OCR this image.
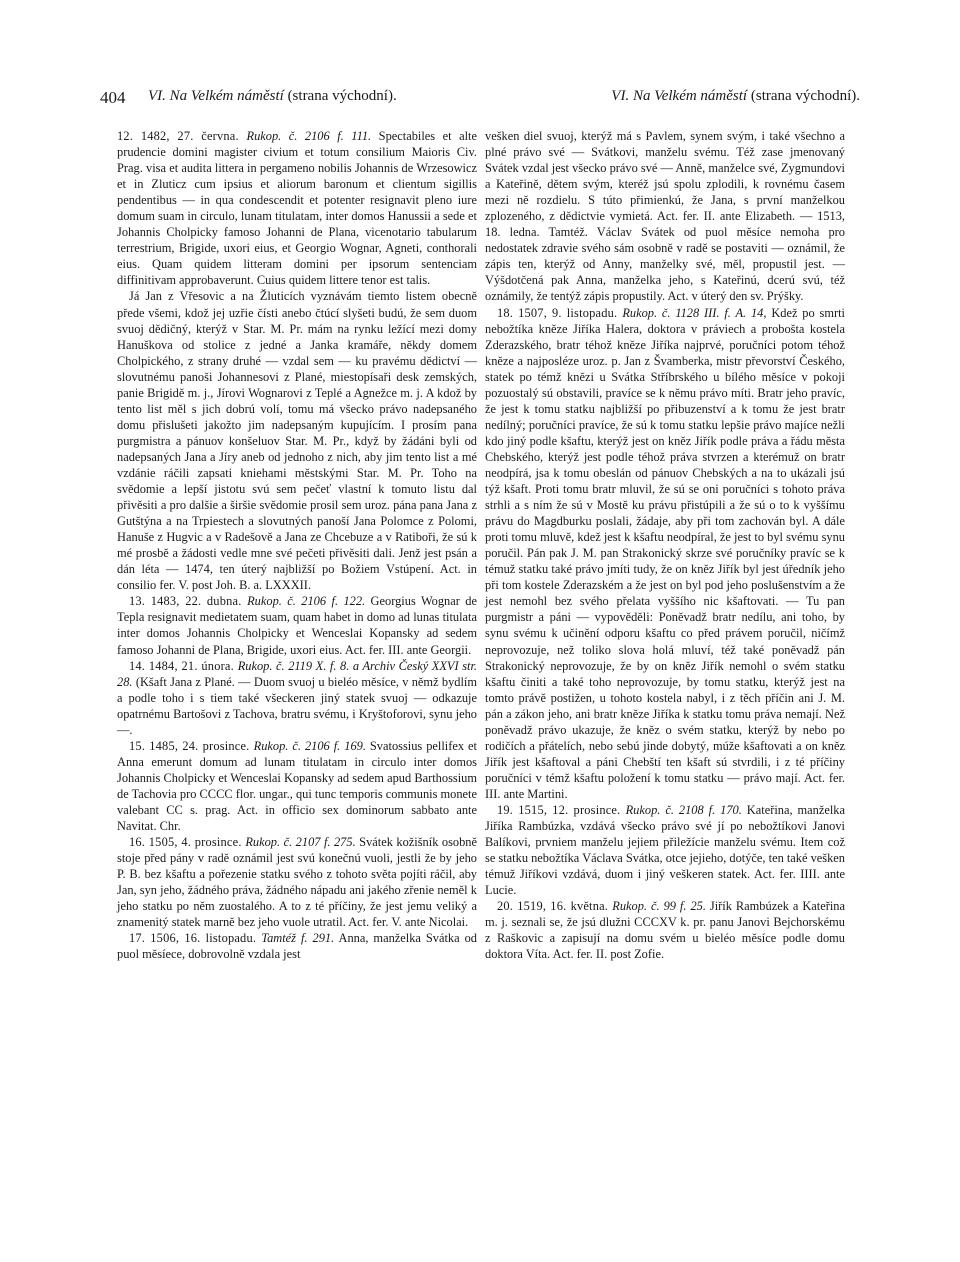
404 VI. Na Velkém náměstí (strana východní).	VI. Na Velkém náměstí (strana východní).

12. 1482, 27. června. Rukop. č. 2106 f. 111. Spectabiles et alte prudencie domini magister civium et totum consilium Maioris Civ. Prag. visa et audita littera in pergameno nobilis Johannis de Wrzesowicz et in Zluticz cum ipsius et aliorum baronum et clientum sigillis pendentibus — in qua condescendit et potenter resignavit pleno iure domum suam in circulo, lunam titulatam, inter domos Hanussii a sede et Johannis Cholpicky famoso Johanni de Plana, vicenotario tabularum terrestrium, Brigide, uxori eius, et Georgio Wognar, Agneti, conthorali eius. Quam quidem litteram domini per ipsorum sentenciam diffinitivam approbaverunt. Cuius quidem littere tenor est talis.

Já Jan z Vřesovic a na Žluticích vyznávám tiemto listem obecně přede všemi, kdož jej uzřie čísti anebo čtúcí slyšeti budú, že sem duom svuoj dědičný, kterýž v Star. M. Pr. mám na rynku ležící mezi domy Hanuškova od stolice z jedné a Janka kramáře, někdy domem Cholpického, z strany druhé — vzdal sem — ku pravému dědictví — slovutnému panoši Johannesovi z Plané, miestopísaři desk zemských, panie Brigidě m. j., Jírovi Wognarovi z Teplé a Agnežce m. j. A kdož by tento list měl s jich dobrú volí, tomu má všecko právo nadepsaného domu přislušeti jakožto jim nadepsaným kupujícím. I prosím pana purgmistra a pánuov konšeluov Star. M. Pr., když by žádáni byli od nadepsaných Jana a Jíry aneb od jednoho z nich, aby jim tento list a mé vzdánie ráčili zapsati kniehami městskými Star. M. Pr. Toho na svědomie a lepší jistotu svú sem pečeť vlastní k tomuto listu dal přivěsiti a pro dalšie a širšie svědomie prosil sem uroz. pána pana Jana z Gutštýna a na Trpiestech a slovutných panoší Jana Polomce z Polomi, Hanuše z Hugvic a v Radešově a Jana ze Chcebuze a v Ratiboři, že sú k mé prosbě a žádosti vedle mne své pečeti přivěsiti dali. Jenž jest psán a dán léta — 1474, ten úterý najbližší po Božiem Vstúpení. Act. in consilio fer. V. post Joh. B. a. LXXXII.

13. 1483, 22. dubna. Rukop. č. 2106 f. 122. Georgius Wognar de Tepla resignavit medietatem suam, quam habet in domo ad lunas titulata inter domos Johannis Cholpicky et Wenceslai Kopansky ad sedem famoso Johanni de Plana, Brigide, uxori eius. Act. fer. III. ante Georgii.

14. 1484, 21. února. Rukop. č. 2119 X. f. 8. a Archiv Český XXVI str. 28. (Kšaft Jana z Plané. — Duom svuoj u bieléo měsíce, v němž bydlím a podle toho i s tiem také všeckeren jiný statek svuoj — odkazuje opatrnému Bartošovi z Tachova, bratru svému, i Kryštoforovi, synu jeho —.

15. 1485, 24. prosince. Rukop. č. 2106 f. 169. Svatossius pellifex et Anna emerunt domum ad lunam titulatam in circulo inter domos Johannis Cholpicky et Wenceslai Kopansky ad sedem apud Barthossium de Tachovia pro CCCC flor. ungar., qui tunc temporis communis monete valebant CC s. prag. Act. in officio sex dominorum sabbato ante Navitat. Chr.

16. 1505, 4. prosince. Rukop. č. 2107 f. 275. Svátek kožišník osobně stoje před pány v radě oznámil jest svú konečnú vuoli, jestli že by jeho P. B. bez kšaftu a pořezenie statku svého z tohoto světa pojíti ráčil, aby Jan, syn jeho, žádného práva, žádného nápadu ani jakého zřenie neměl k jeho statku po něm zuostalého. A to z té příčiny, že jest jemu veliký a znamenitý statek marně bez jeho vuole utratil. Act. fer. V. ante Nicolai.

17. 1506, 16. listopadu. Tamtéž f. 291. Anna, manželka Svátka od puol měsíece, dobrovolně vzdala jest

vešken diel svuoj, kterýž má s Pavlem, synem svým, i také všechno a plné právo své — Svátkovi, manželu svému. Též zase jmenovaný Svátek vzdal jest všecko právo své — Anně, manželce své, Zygmundovi a Kateřině, dětem svým, kteréž jsú spolu zplodili, k rovnému časem mezi ně rozdielu. S túto přimienkú, že Jana, s první manželkou zplozeného, z dědictvie vymietá. Act. fer. II. ante Elizabeth. — 1513, 18. ledna. Tamtéž. Václav Svátek od puol měsíce nemoha pro nedostatek zdravie svého sám osobně v radě se postaviti — oznámil, že zápis ten, kterýž od Anny, manželky své, měl, propustil jest. — Výšdotčená pak Anna, manželka jeho, s Kateřinú, dcerú svú, též oznámily, že tentýž zápis propustily. Act. v úterý den sv. Prýšky.

18. 1507, 9. listopadu. Rukop. č. 1128 III. f. A. 14, Kdež po smrti nebožtíka kněze Jiříka Halera, doktora v práviech a probošta kostela Zderazského, bratr téhož kněze Jiříka najprvé, poručníci potom téhož kněze a najposlézе uroz. p. Jan z Švamberka, mistr převorství Českého, statek po témž knězi u Svátka Stříbrského u bílého měsíce v pokoji pozuostalý sú obstavili, pravíce se k němu právo míti. Bratr jeho pravíc, že jest k tomu statku najbližší po přibuzenství a k tomu že jest bratr nedílný; poručníci pravíce, že sú k tomu statku lepšie právo majíce nežli kdo jiný podle kšaftu, kterýž jest on kněz Jiřík podle práva a řádu města Chebského, kterýž jest podle téhož práva stvrzen a kterémuž on bratr neodpírá, jsa k tomu obeslán od pánuov Chebských a na to ukázali jsú týž kšaft. Proti tomu bratr mluvil, že sú se oni poručníci s tohoto práva strhli a s ním že sú v Mostě ku právu přistúpili a že sú o to k vyššímu právu do Magdburku poslali, žádaje, aby při tom zachován byl. A dále proti tomu mluvě, kdež jest k kšaftu neodpíral, že jest to byl svému synu poručil. Pán pak J. M. pan Strakonický skrze své poručníky pravíc se k témuž statku také právo jmíti tudy, že on kněz Jiřík byl jest úředník jeho při tom kostele Zderazském a že jest on byl pod jeho poslušenstvím a že jest nemohl bez svého přelata vyššího nic kšaftovati. — Tu pan purgmistr a páni — vypověděli: Poněvadž bratr nedílu, ani toho, by synu svému k učinění odporu kšaftu co před právem poručil, ničímž neprovozuje, než toliko slova holá mluví, též také poněvadž pán Strakonický neprovozuje, že by on kněz Jiřík nemohl o svém statku kšaftu činiti a také toho neprovozuje, by tomu statku, kterýž jest na tomto právě postižen, u tohoto kostela nabyl, i z těch příčin ani J. M. pán a zákon jeho, ani bratr kněze Jiříka k statku tomu práva nemají. Než poněvadž právo ukazuje, že kněz o svém statku, kterýž by nebo po rodičích a přátelích, nebo sebú jinde dobytý, múže kšaftovati a on kněz Jiřík jest kšaftoval a páni Chebští ten kšaft sú stvrdili, i z té příčiny poručníci v témž kšaftu položení k tomu statku — právo mají. Act. fer. III. ante Martini.

19. 1515, 12. prosince. Rukop. č. 2108 f. 170. Kateřina, manželka Jiříka Rambúzka, vzdává všecko právo své jí po nebožtíkovi Janovi Balíkovi, prvniem manželu jejiem přiležície manželu svému. Item což se statku nebožtíka Václava Svátka, otce jejieho, dotýče, ten také vešken témuž Jiříkovi vzdává, duom i jiný veškeren statek. Act. fer. IIII. ante Lucie.

20. 1519, 16. května. Rukop. č. 99 f. 25. Jiřík Rambúzek a Kateřina m. j. seznali se, že jsú dlužni CCCXV k. pr. panu Janovi Bejchorskému z Raškovic a zapisují na domu svém u bieléo měsíce podle domu doktora Víta. Act. fer. II. post Zofie.
